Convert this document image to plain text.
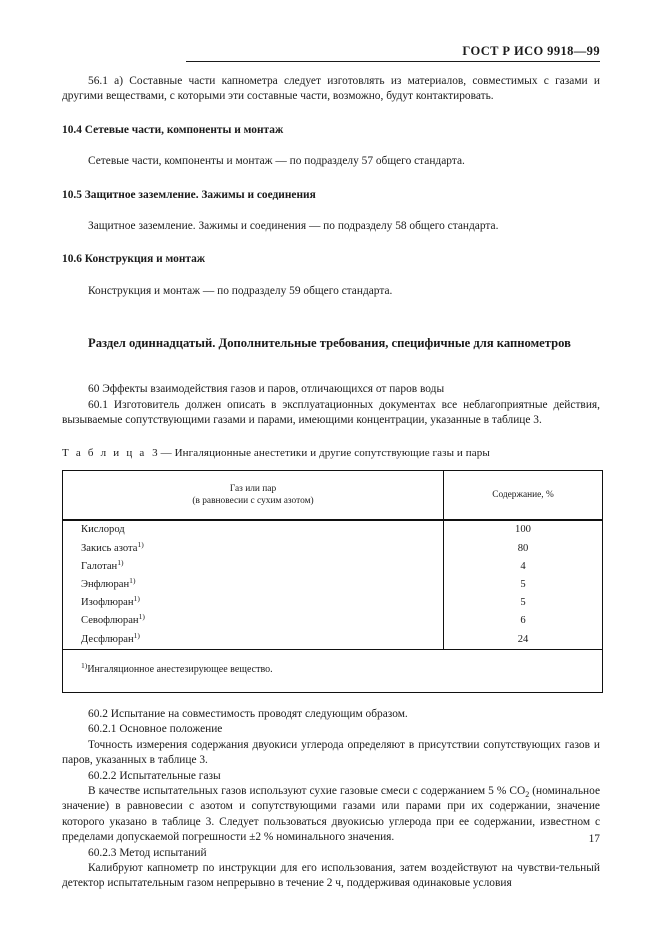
ГОСТ Р ИСО 9918—99

56.1 а) Составные части капнометра следует изготовлять из материалов, совместимых с газами и другими веществами, с которыми эти составные части, возможно, будут контактировать.

10.4 Сетевые части, компоненты и монтаж

Сетевые части, компоненты и монтаж — по подразделу 57 общего стандарта.

10.5 Защитное заземление. Зажимы и соединения

Защитное заземление. Зажимы и соединения — по подразделу 58 общего стандарта.

10.6 Конструкция и монтаж

Конструкция и монтаж — по подразделу 59 общего стандарта.

Раздел одиннадцатый. Дополнительные требования, специфичные для капнометров

60 Эффекты взаимодействия газов и паров, отличающихся от паров воды

60.1 Изготовитель должен описать в эксплуатационных документах все неблагоприятные действия, вызываемые сопутствующими газами и парами, имеющими концентрации, указанные в таблице 3.

Т а б л и ц а 3 — Ингаляционные анестетики и другие сопутствующие газы и пары

Газ или пар
(в равновесии с сухим азотом)	Содержание, %
Кислород	100
Закись азота$^{1)}$	80
Галотан$^{1)}$	4
Энфлюран$^{1)}$	5
Изофлюран$^{1)}$	5
Севофлюран$^{1)}$	6
Десфлюран$^{1)}$	24
$^{1)}$Ингаляционное анестезирующее вещество.	

60.2 Испытание на совместимость проводят следующим образом.

60.2.1 Основное положение

Точность измерения содержания двуокиси углерода определяют в присутствии сопутствующих газов и паров, указанных в таблице 3.

60.2.2 Испытательные газы

В качестве испытательных газов используют сухие газовые смеси с содержанием 5 % $CO_2$ (номинальное значение) в равновесии с азотом и сопутствующими газами или парами при их содержании, значение которого указано в таблице 3. Следует пользоваться двуокисью углерода при ее содержании, известном с пределами допускаемой погрешности ±2 % номинального значения.

60.2.3 Метод испытаний

Калибруют капнометр по инструкции для его использования, затем воздействуют на чувстви-тельный детектор испытательным газом непрерывно в течение 2 ч, поддерживая одинаковые условия

17
